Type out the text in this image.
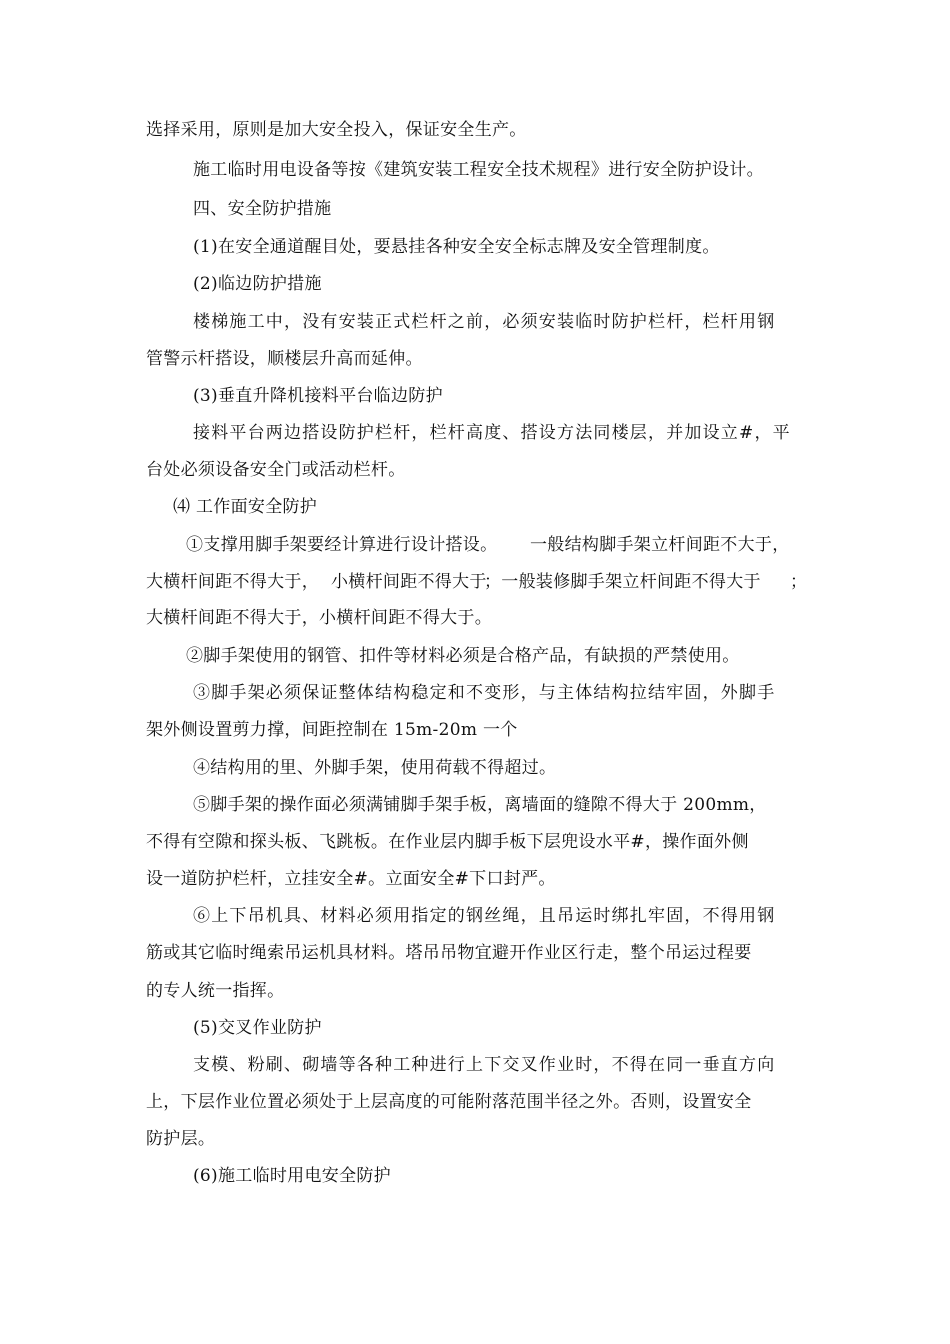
选择采用，原则是加大安全投入，保证安全生产。
施工临时用电设备等按《建筑安装工程安全技术规程》进行安全防护设计。
四、安全防护措施
(1)在安全通道醒目处，要悬挂各种安全安全标志牌及安全管理制度。
(2)临边防护措施
楼梯施工中，没有安装正式栏杆之前，必须安装临时防护栏杆，栏杆用钢
管警示杆搭设，顺楼层升高而延伸。
(3)垂直升降机接料平台临边防护
接料平台两边搭设防护栏杆，栏杆高度、搭设方法同楼层，并加设立#，平
台处必须设备安全门或活动栏杆。
⑷ 工作面安全防护
①支撑用脚手架要经计算进行设计搭设。 一般结构脚手架立杆间距不大于，
大横杆间距不得大于， 小横杆间距不得大于
；一般装修脚手架立杆间距不得大于 ；
大横杆间距不得大于，小横杆间距不得大于。
②脚手架使用的钢管、扣件等材料必须是合格产品，有缺损的严禁使用。
③脚手架必须保证整体结构稳定和不变形，与主体结构拉结牢固，外脚手
架外侧设置剪力撑，间距控制在 15m-20m 一个
④结构用的里、外脚手架，使用荷载不得超过。
⑤脚手架的操作面必须满铺脚手架手板，离墙面的缝隙不得大于 200mm，
不得有空隙和探头板、飞跳板。在作业层内脚手板下层兜设水平#，操作面外侧
设一道防护栏杆，立挂安全#。立面安全#下口封严。
⑥上下吊机具、材料必须用指定的钢丝绳，且吊运时绑扎牢固，不得用钢
筋或其它临时绳索吊运机具材料。塔吊吊物宜避开作业区行走，整个吊运过程要
的专人统一指挥。
(5)交叉作业防护
支模、粉刷、砌墙等各种工种进行上下交叉作业时，不得在同一垂直方向
上，下层作业位置必须处于上层高度的可能附落范围半径之外。否则，设置安全
防护层。
(6)施工临时用电安全防护
